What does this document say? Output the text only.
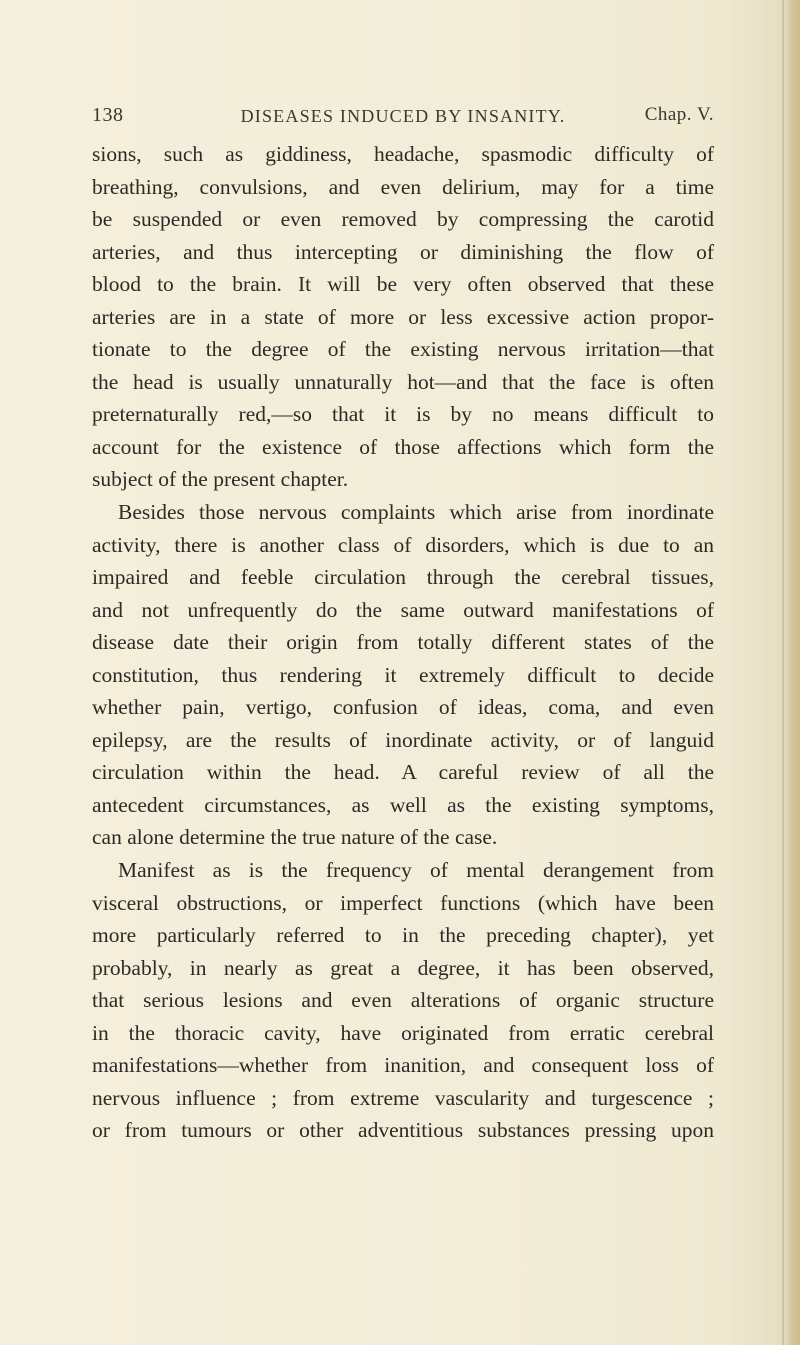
138	DISEASES INDUCED BY INSANITY.	Chap. V.
sions, such as giddiness, headache, spasmodic difficulty of
breathing, convulsions, and even delirium, may for a time
be suspended or even removed by compressing the carotid
arteries, and thus intercepting or diminishing the flow of
blood to the brain. It will be very often observed that these
arteries are in a state of more or less excessive action propor-
tionate to the degree of the existing nervous irritation—that
the head is usually unnaturally hot—and that the face is often
preternaturally red,—so that it is by no means difficult to
account for the existence of those affections which form the
subject of the present chapter.
Besides those nervous complaints which arise from inordinate
activity, there is another class of disorders, which is due to an
impaired and feeble circulation through the cerebral tissues,
and not unfrequently do the same outward manifestations of
disease date their origin from totally different states of the
constitution, thus rendering it extremely difficult to decide
whether pain, vertigo, confusion of ideas, coma, and even
epilepsy, are the results of inordinate activity, or of languid
circulation within the head. A careful review of all the
antecedent circumstances, as well as the existing symptoms,
can alone determine the true nature of the case.
Manifest as is the frequency of mental derangement from
visceral obstructions, or imperfect functions (which have been
more particularly referred to in the preceding chapter), yet
probably, in nearly as great a degree, it has been observed,
that serious lesions and even alterations of organic structure
in the thoracic cavity, have originated from erratic cerebral
manifestations—whether from inanition, and consequent loss of
nervous influence ; from extreme vascularity and turgescence ;
or from tumours or other adventitious substances pressing upon
